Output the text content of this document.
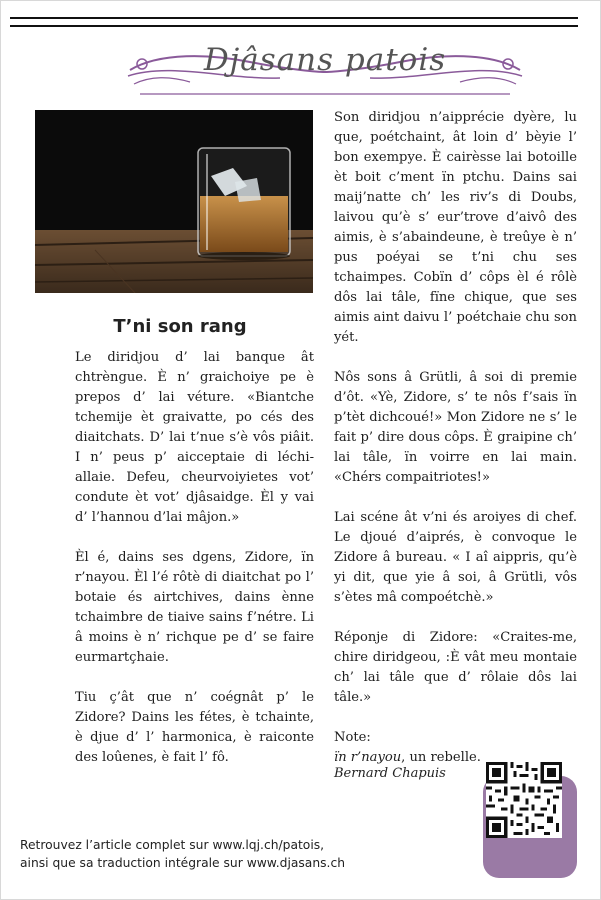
Djâsans patois
T’ni son rang

Le diridjou d’ lai banque ât chtrèngue. È n’ graichoiye pe è prepos d’ lai véture. «Biantche tchemije èt graivatte, po cés des diaitchats. D’ lai t’nue s’è vôs piâit. I n’ peus p’ aicceptaie di léchi-allaie. Defeu, cheurvoiyietes vot’ condute èt vot’ djâsaidge. Èl y vai d’ l’hannou d’lai mâjon.»

Èl é, dains ses dgens, Zidore, ïn r’nayou. Èl l’é rôtè di diaitchat po l’ botaie és airtchives, dains ènne tchaimbre de tiaive sains f’nétre. Li â moins è n’ richque pe d’ se faire eurmartçhaie.

Tiu ç’ât que n’ coégnât p’ le Zidore? Dains les fétes, è tchainte, è djue d’ l’ harmonica, è raiconte des loûenes, è fait l’ fô.

Son diridjou n’aipprécie dyère, lu que, poétchaint, ât loin d’ bèyie l’ bon exempye. È cairèsse lai botoille èt boit c’ment ïn ptchu. Dains sai maij’natte ch’ les riv’s di Doubs, laivou qu’è s’ eur’trove d’aivô des aimis, è s’abaindeune, è treûye è n’ pus poéyai se t’ni chu ses tchaimpes. Cobïn d’ côps èl é rôlè dôs lai tâle, fïne chique, que ses aimis aint daivu l’ poétchaie chu son yét.

Nôs sons â Grütli, â soi di premie d’ôt. «Yè, Zidore, s’ te nôs f’sais ïn p’tèt dichcoué!» Mon Zidore ne s’ le fait p’ dire dous côps. È graipine ch’ lai tâle, ïn voirre en lai main. «Chérs compaitriotes!»

Lai scéne ât v’ni és aroiyes di chef. Le djoué d’aiprés, è convoque le Zidore â bureau. « I aî aippris, qu’è yi dit, que yie â soi, â Grütli, vôs s’ètes mâ compoétchè.»

Réponje di Zidore: «Craites-me, chire diridgeou, :È vât meu montaie ch’ lai tâle que d’ rôlaie dôs lai tâle.»

Note:

ïn r’nayou, un rebelle.

Bernard Chapuis
Retrouvez l’article complet sur www.lqj.ch/patois,
ainsi que sa traduction intégrale sur www.djasans.ch
